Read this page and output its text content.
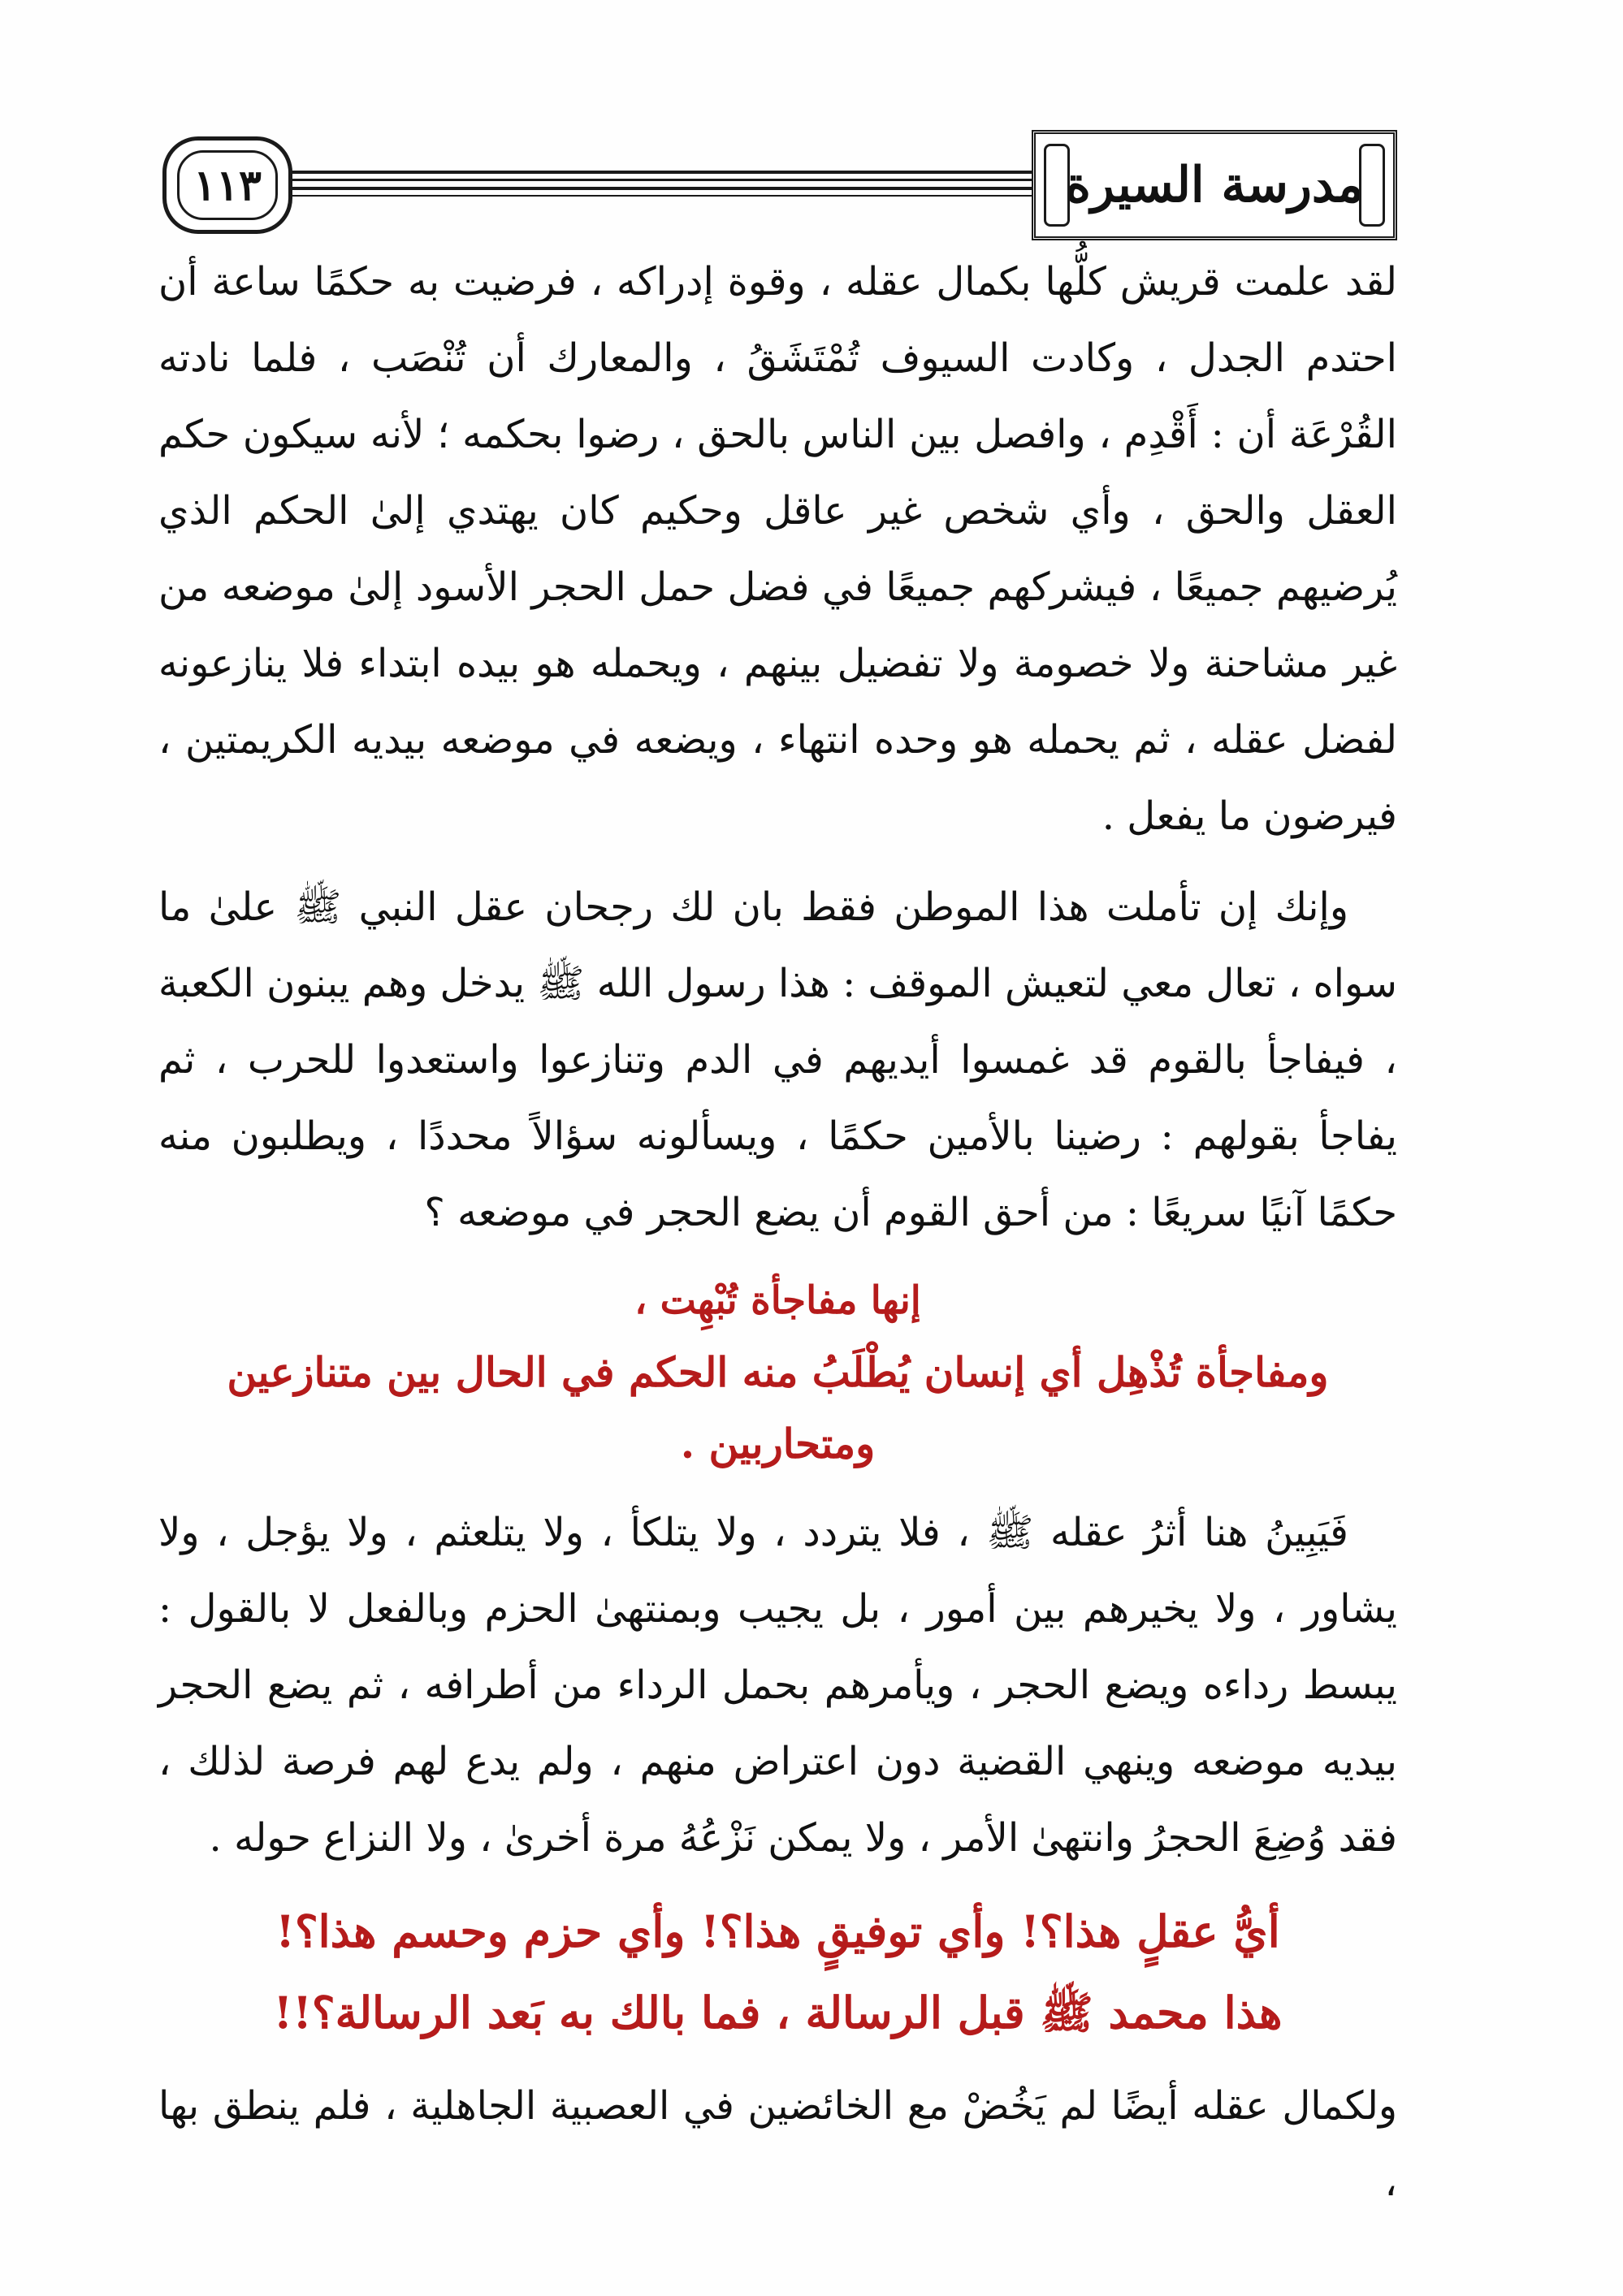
١١٣	مدرسة السيرة

لقد علمت قريش كلُّها بكمال عقله ، وقوة إدراكه ، فرضيت به حكمًا ساعة أن احتدم الجدل ، وكادت السيوف تُمْتَشَقُ ، والمعارك أن تُنْصَب ، فلما نادته القُرْعَة أن : أَقْدِم ، وافصل بين الناس بالحق ، رضوا بحكمه ؛ لأنه سيكون حكم العقل والحق ، وأي شخص غير عاقل وحكيم كان يهتدي إلىٰ الحكم الذي يُرضيهم جميعًا ، فيشركهم جميعًا في فضل حمل الحجر الأسود إلىٰ موضعه من غير مشاحنة ولا خصومة ولا تفضيل بينهم ، ويحمله هو بيده ابتداء فلا ينازعونه لفضل عقله ، ثم يحمله هو وحده انتهاء ، ويضعه في موضعه بيديه الكريمتين ، فيرضون ما يفعل .

وإنك إن تأملت هذا الموطن فقط بان لك رجحان عقل النبي ﷺ علىٰ ما سواه ، تعال معي لتعيش الموقف : هذا رسول الله ﷺ يدخل وهم يبنون الكعبة ، فيفاجأ بالقوم قد غمسوا أيديهم في الدم وتنازعوا واستعدوا للحرب ، ثم يفاجأ بقولهم : رضينا بالأمين حكمًا ، ويسألونه سؤالاً محددًا ، ويطلبون منه حكمًا آنيًا سريعًا : من أحق القوم أن يضع الحجر في موضعه ؟

إنها مفاجأة تُبْهِت ،

ومفاجأة تُذْهِل أي إنسان يُطْلَبُ منه الحكم في الحال بين متنازعين ومتحاربين .

فَيَبِينُ هنا أثرُ عقله ﷺ ، فلا يتردد ، ولا يتلكأ ، ولا يتلعثم ، ولا يؤجل ، ولا يشاور ، ولا يخيرهم بين أمور ، بل يجيب وبمنتهىٰ الحزم وبالفعل لا بالقول : يبسط رداءه ويضع الحجر ، ويأمرهم بحمل الرداء من أطرافه ، ثم يضع الحجر بيديه موضعه وينهي القضية دون اعتراض منهم ، ولم يدع لهم فرصة لذلك ، فقد وُضِعَ الحجرُ وانتهىٰ الأمر ، ولا يمكن نَزْعُهُ مرة أخرىٰ ، ولا النزاع حوله .

أيُّ عقلٍ هذا؟! وأي توفيقٍ هذا؟! وأي حزم وحسم هذا؟!

هذا محمد ﷺ قبل الرسالة ، فما بالك به بَعد الرسالة؟!!

ولكمال عقله أيضًا لم يَخُضْ مع الخائضين في العصبية الجاهلية ، فلم ينطق بها ،
